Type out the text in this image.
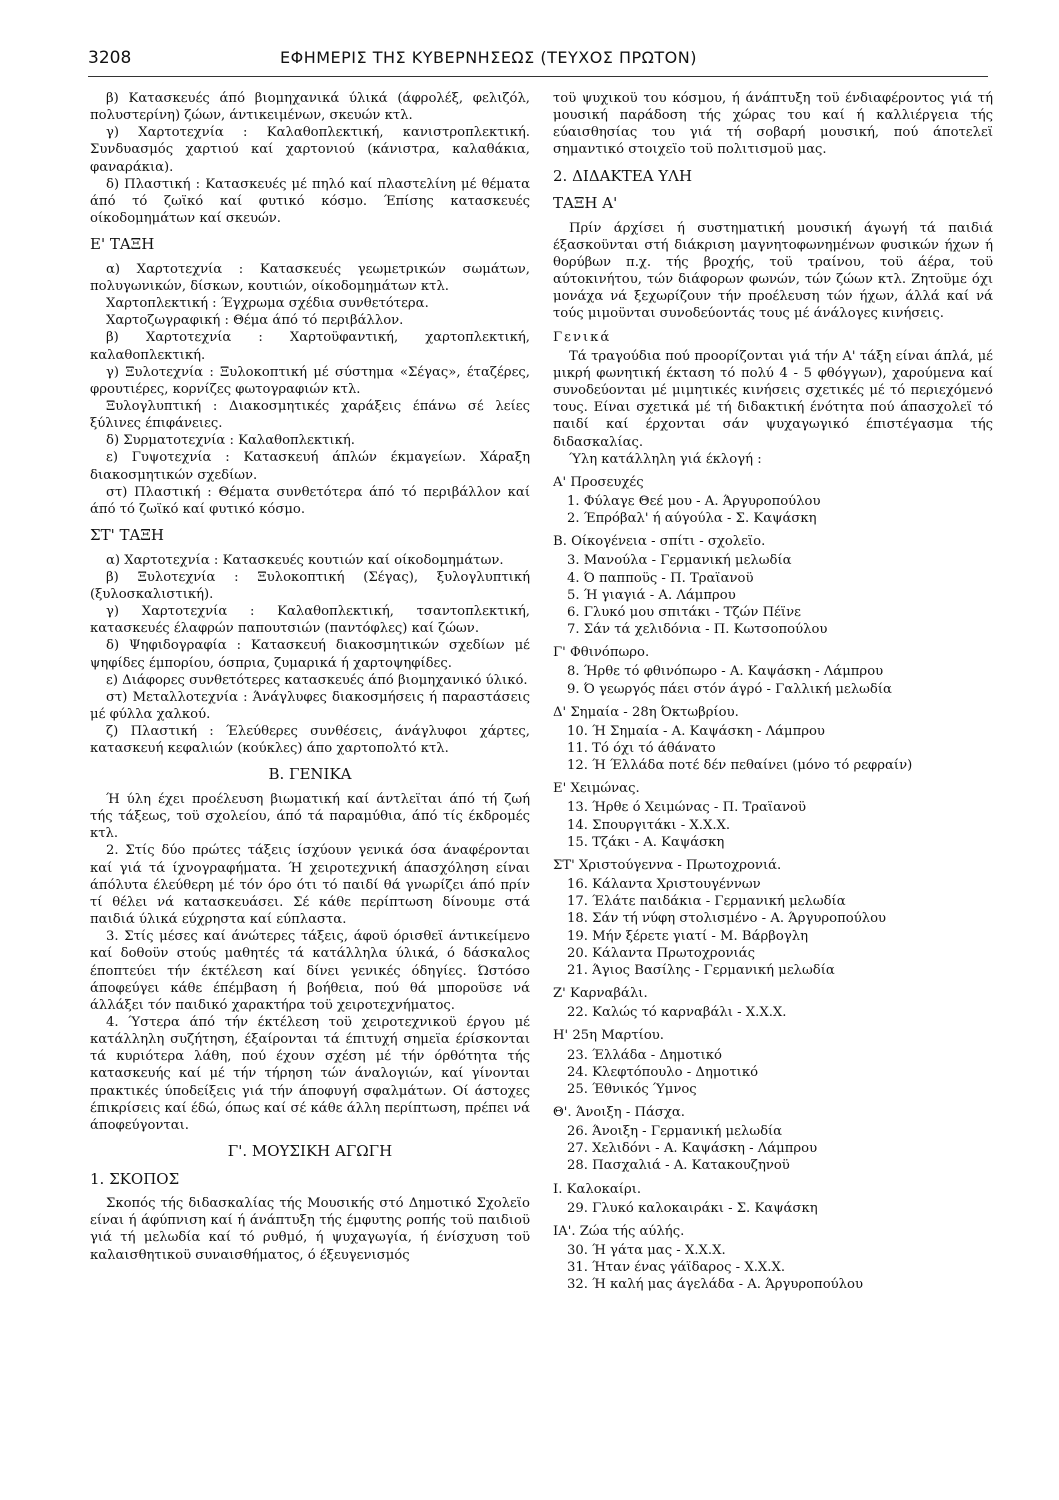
3208	ΕΦΗΜΕΡΙΣ ΤΗΣ ΚΥΒΕΡΝΗΣΕΩΣ (ΤΕΥΧΟΣ ΠΡΩΤΟΝ)

β) Κατασκευές άπό βιομηχανικά ύλικά (άφρολέξ, φελιζόλ, πολυστερίνη) ζώων, άντικειμένων, σκευών κτλ.

γ) Χαρτοτεχνία : Καλαθοπλεκτική, κανιστροπλεκτική. Συνδυασμός χαρτιού καί χαρτονιού (κάνιστρα, καλαθάκια, φαναράκια).

δ) Πλαστική : Κατασκευές μέ πηλό καί πλαστελίνη μέ θέματα άπό τό ζωϊκό καί φυτικό κόσμο. Έπίσης κατασκευές οίκοδομημάτων καί σκευών.

Ε' ΤΑΞΗ

α) Χαρτοτεχνία : Κατασκευές γεωμετρικών σωμάτων, πολυγωνικών, δίσκων, κουτιών, οίκοδομημάτων κτλ.

Χαρτοπλεκτική : Έγχρωμα σχέδια συνθετότερα.

Χαρτοζωγραφική : Θέμα άπό τό περιβάλλον.

β) Χαρτοτεχνία : Χαρτοϋφαντική, χαρτοπλεκτική, καλαθοπλεκτική.

γ) Ξυλοτεχνία : Ξυλοκοπτική μέ σύστημα «Σέγας», έταζέρες, φρουτιέρες, κορνίζες φωτογραφιών κτλ.

Ξυλογλυπτική : Διακοσμητικές χαράξεις έπάνω σέ λείες ξύλινες έπιφάνειες.

δ) Συρματοτεχνία : Καλαθοπλεκτική.

ε) Γυψοτεχνία : Κατασκευή άπλών έκμαγείων. Χάραξη διακοσμητικών σχεδίων.

στ) Πλαστική : Θέματα συνθετότερα άπό τό περιβάλλον καί άπό τό ζωϊκό καί φυτικό κόσμο.

ΣΤ' ΤΑΞΗ

α) Χαρτοτεχνία : Κατασκευές κουτιών καί οίκοδομημάτων.

β) Ξυλοτεχνία : Ξυλοκοπτική (Σέγας), ξυλογλυπτική (ξυλοσκαλιστική).

γ) Χαρτοτεχνία : Καλαθοπλεκτική, τσαντοπλεκτική, κατασκευές έλαφρών παπουτσιών (παντόφλες) καί ζώων.

δ) Ψηφιδογραφία : Κατασκευή διακοσμητικών σχεδίων μέ ψηφίδες έμπορίου, όσπρια, ζυμαρικά ή χαρτοψηφίδες.

ε) Διάφορες συνθετότερες κατασκευές άπό βιομηχανικό ύλικό.

στ) Μεταλλοτεχνία : Άνάγλυφες διακοσμήσεις ή παραστάσεις μέ φύλλα χαλκού.

ζ) Πλαστική : Έλεύθερες συνθέσεις, άνάγλυφοι χάρτες, κατασκευή κεφαλιών (κούκλες) άπο χαρτοπολτό κτλ.

Β. ΓΕΝΙΚΑ

Ή ύλη έχει προέλευση βιωματική καί άντλεϊται άπό τή ζωή τής τάξεως, τοϋ σχολείου, άπό τά παραμύθια, άπό τίς έκδρομές κτλ.

2. Στίς δύο πρώτες τάξεις ίσχύουν γενικά όσα άναφέρονται καί γιά τά ίχνογραφήματα. Ή χειροτεχνική άπασχόληση είναι άπόλυτα έλεύθερη μέ τόν όρο ότι τό παιδί θά γνωρίζει άπό πρίν τί θέλει νά κατασκευάσει. Σέ κάθε περίπτωση δίνουμε στά παιδιά ύλικά εύχρηστα καί εύπλαστα.

3. Στίς μέσες καί άνώτερες τάξεις, άφοϋ όρισθεϊ άντικείμενο καί δοθοϋν στούς μαθητές τά κατάλληλα ύλικά, ό δάσκαλος έποπτεύει τήν έκτέλεση καί δίνει γενικές όδηγίες. Ώστόσο άποφεύγει κάθε έπέμβαση ή βοήθεια, πού θά μποροϋσε νά άλλάξει τόν παιδικό χαρακτήρα τοϋ χειροτεχνήματος.

4. Ύστερα άπό τήν έκτέλεση τοϋ χειροτεχνικοϋ έργου μέ κατάλληλη συζήτηση, έξαίρονται τά έπιτυχή σημεϊα έρίσκονται τά κυριότερα λάθη, πού έχουν σχέση μέ τήν όρθότητα τής κατασκευής καί μέ τήν τήρηση τών άναλογιών, καί γίνονται πρακτικές ύποδείξεις γιά τήν άποφυγή σφαλμάτων. Οί άστοχες έπικρίσεις καί έδώ, όπως καί σέ κάθε άλλη περίπτωση, πρέπει νά άποφεύγονται.

Γ'. ΜΟΥΣΙΚΗ ΑΓΩΓΗ
1. ΣΚΟΠΟΣ

Σκοπός τής διδασκαλίας τής Μουσικής στό Δημοτικό Σχολεϊο είναι ή άφύπνιση καί ή άνάπτυξη τής έμφυτης ροπής τοϋ παιδιοϋ γιά τή μελωδία καί τό ρυθμό, ή ψυχαγωγία, ή ένίσχυση τοϋ καλαισθητικοϋ συναισθήματος, ό έξευγενισμός

τοϋ ψυχικοϋ του κόσμου, ή άνάπτυξη τοϋ ένδιαφέροντος γιά τή μουσική παράδοση τής χώρας του καί ή καλλιέργεια τής εύαισθησίας του γιά τή σοβαρή μουσική, πού άποτελεϊ σημαντικό στοιχεϊο τοϋ πολιτισμοϋ μας.

2. ΔΙΔΑΚΤΕΑ ΥΛΗ
ΤΑΞΗ Α'

Πρίν άρχίσει ή συστηματική μουσική άγωγή τά παιδιά έξασκοϋνται στή διάκριση μαγνητοφωνημένων φυσικών ήχων ή θορύβων π.χ. τής βροχής, τοϋ τραίνου, τοϋ άέρα, τοϋ αύτοκινήτου, τών διάφορων φωνών, τών ζώων κτλ. Ζητοϋμε όχι μονάχα νά ξεχωρίζουν τήν προέλευση τών ήχων, άλλά καί νά τούς μιμοϋνται συνοδεύοντάς τους μέ άνάλογες κινήσεις.

Γενικά

Τά τραγούδια πού προορίζονται γιά τήν Α' τάξη είναι άπλά, μέ μικρή φωνητική έκταση τό πολύ 4 - 5 φθόγγων), χαρούμενα καί συνοδεύονται μέ μιμητικές κινήσεις σχετικές μέ τό περιεχόμενό τους. Είναι σχετικά μέ τή διδακτική ένότητα πού άπασχολεϊ τό παιδί καί έρχονται σάν ψυχαγωγικό έπιστέγασμα τής διδασκαλίας.

Ύλη κατάλληλη γιά έκλογή :

Α' Προσευχές
1. Φύλαγε Θεέ μου - Α. Άργυροπούλου
2. Έπρόβαλ' ή αύγούλα - Σ. Καψάσκη
Β. Οίκογένεια - σπίτι - σχολεϊο.
3. Μανούλα - Γερμανική μελωδία
4. Ό παπποϋς - Π. Τραϊανοϋ
5. Ή γιαγιά - Α. Λάμπρου
6. Γλυκό μου σπιτάκι - Τζών Πέϊνε
7. Σάν τά χελιδόνια - Π. Κωτσοπούλου
Γ' Φθινόπωρο.
8. Ήρθε τό φθινόπωρο - Α. Καψάσκη - Λάμπρου
9. Ό γεωργός πάει στόν άγρό - Γαλλική μελωδία
Δ' Σημαία - 28η Όκτωβρίου.
10. Ή Σημαία - Α. Καψάσκη - Λάμπρου
11. Τό όχι τό άθάνατο
12. Ή Έλλάδα ποτέ δέν πεθαίνει (μόνο τό ρεφραίν)
Ε' Χειμώνας.
13. Ήρθε ό Χειμώνας - Π. Τραϊανοϋ
14. Σπουργιτάκι - Χ.Χ.Χ.
15. Τζάκι - Α. Καψάσκη
ΣΤ' Χριστούγεννα - Πρωτοχρονιά.
16. Κάλαντα Χριστουγέννων
17. Έλάτε παιδάκια - Γερμανική μελωδία
18. Σάν τή νύφη στολισμένο - Α. Άργυροπούλου
19. Μήν ξέρετε γιατί - Μ. Βάρβογλη
20. Κάλαντα Πρωτοχρονιάς
21. Άγιος Βασίλης - Γερμανική μελωδία
Ζ' Καρναβάλι.
22. Καλώς τό καρναβάλι - Χ.Χ.Χ.
Η' 25η Μαρτίου.
23. Έλλάδα - Δημοτικό
24. Κλεφτόπουλο - Δημοτικό
25. Έθνικός Ύμνος
Θ'. Άνοιξη - Πάσχα.
26. Άνοιξη - Γερμανική μελωδία
27. Χελιδόνι - Α. Καψάσκη - Λάμπρου
28. Πασχαλιά - Α. Κατακουζηνοϋ
Ι. Καλοκαίρι.
29. Γλυκό καλοκαιράκι - Σ. Καψάσκη
ΙΑ'. Ζώα τής αύλής.
30. Ή γάτα μας - Χ.Χ.Χ.
31. Ήταν ένας γάϊδαρος - Χ.Χ.Χ.
32. Ή καλή μας άγελάδα - Α. Άργυροπούλου
